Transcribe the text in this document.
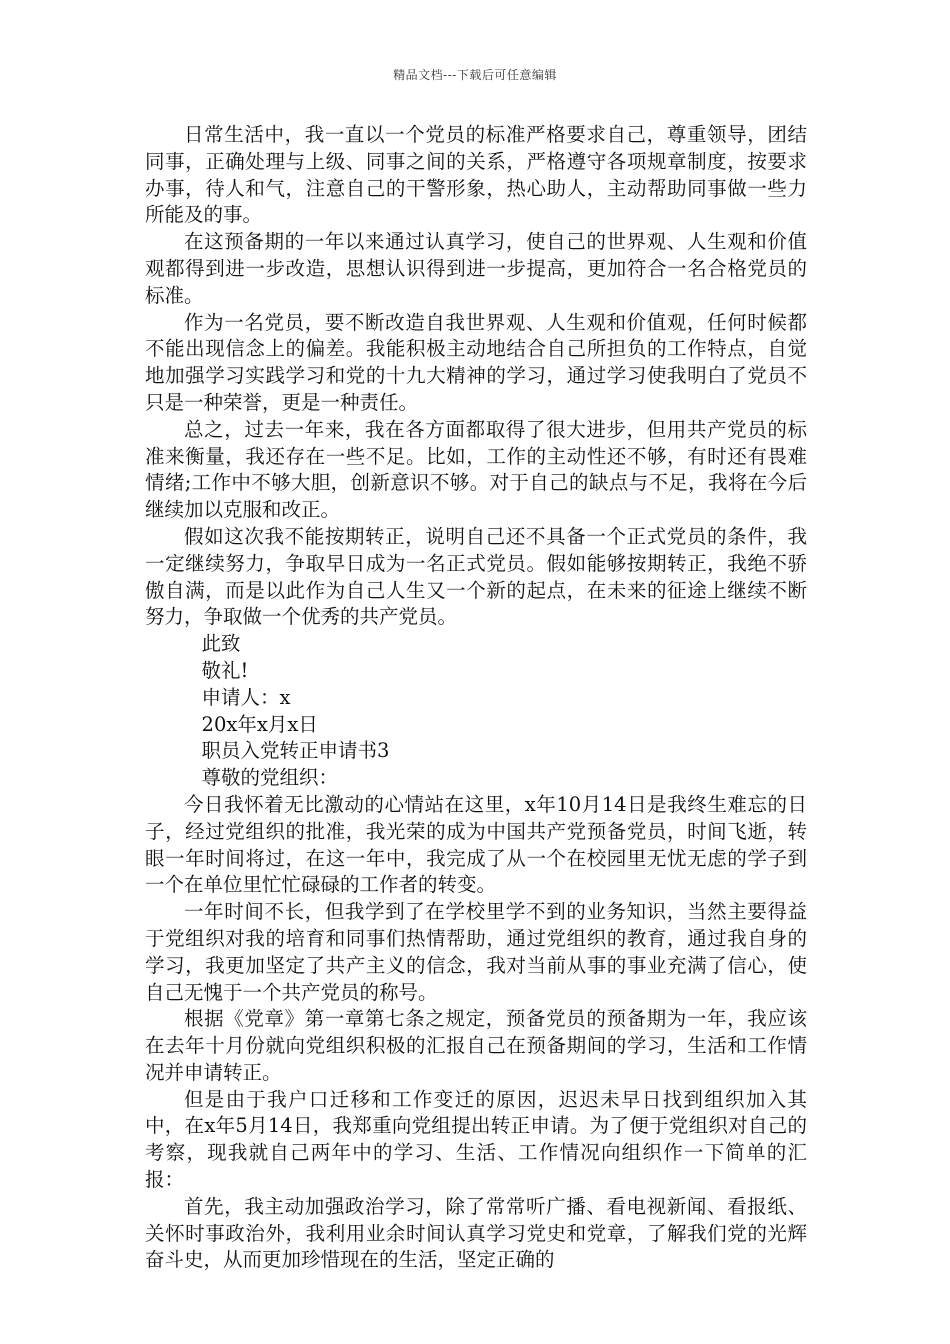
精品文档---下载后可任意编辑

日常生活中，我一直以一个党员的标准严格要求自己，尊重领导，团结同事，正确处理与上级、同事之间的关系，严格遵守各项规章制度，按要求办事，待人和气，注意自己的干警形象，热心助人，主动帮助同事做一些力所能及的事。

在这预备期的一年以来通过认真学习，使自己的世界观、人生观和价值观都得到进一步改造，思想认识得到进一步提高，更加符合一名合格党员的标准。

作为一名党员，要不断改造自我世界观、人生观和价值观，任何时候都不能出现信念上的偏差。我能积极主动地结合自己所担负的工作特点，自觉地加强学习实践学习和党的十九大精神的学习，通过学习使我明白了党员不只是一种荣誉，更是一种责任。

总之，过去一年来，我在各方面都取得了很大进步，但用共产党员的标准来衡量，我还存在一些不足。比如，工作的主动性还不够，有时还有畏难情绪;工作中不够大胆，创新意识不够。对于自己的缺点与不足，我将在今后继续加以克服和改正。

假如这次我不能按期转正，说明自己还不具备一个正式党员的条件，我一定继续努力，争取早日成为一名正式党员。假如能够按期转正，我绝不骄傲自满，而是以此作为自己人生又一个新的起点，在未来的征途上继续不断努力，争取做一个优秀的共产党员。

此致

敬礼!

申请人：x

20x年x月x日

职员入党转正申请书3

尊敬的党组织：

今日我怀着无比激动的心情站在这里，x年10月14日是我终生难忘的日子，经过党组织的批准，我光荣的成为中国共产党预备党员，时间飞逝，转眼一年时间将过，在这一年中，我完成了从一个在校园里无忧无虑的学子到一个在单位里忙忙碌碌的工作者的转变。

一年时间不长，但我学到了在学校里学不到的业务知识，当然主要得益于党组织对我的培育和同事们热情帮助，通过党组织的教育，通过我自身的学习，我更加坚定了共产主义的信念，我对当前从事的事业充满了信心，使自己无愧于一个共产党员的称号。

根据《党章》第一章第七条之规定，预备党员的预备期为一年，我应该在去年十月份就向党组织积极的汇报自己在预备期间的学习，生活和工作情况并申请转正。

但是由于我户口迁移和工作变迁的原因，迟迟未早日找到组织加入其中，在x年5月14日，我郑重向党组提出转正申请。为了便于党组织对自己的考察，现我就自己两年中的学习、生活、工作情况向组织作一下简单的汇报：

首先，我主动加强政治学习，除了常常听广播、看电视新闻、看报纸、关怀时事政治外，我利用业余时间认真学习党史和党章，了解我们党的光辉奋斗史，从而更加珍惜现在的生活，坚定正确的
